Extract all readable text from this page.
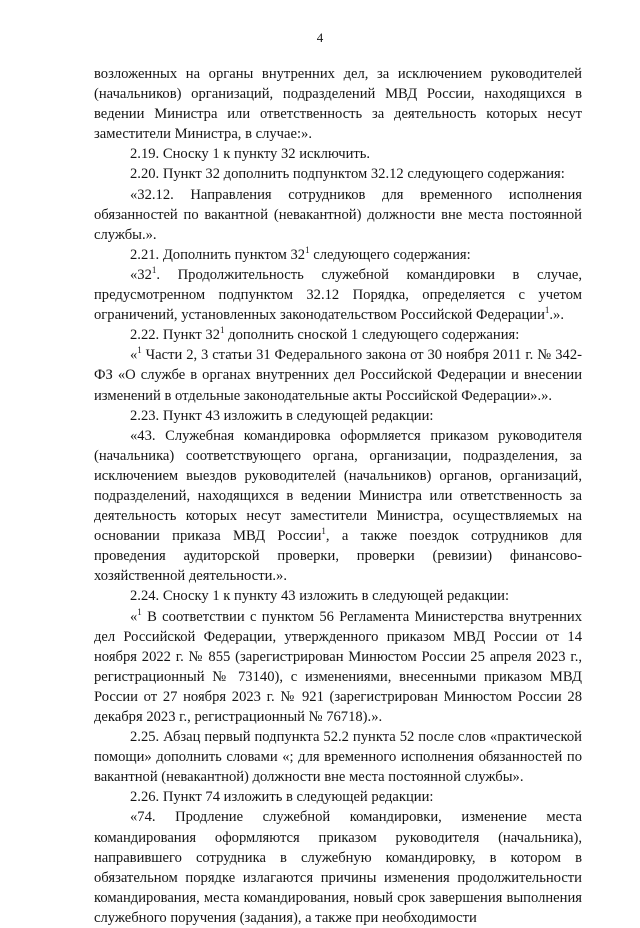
4

возложенных на органы внутренних дел, за исключением руководителей (начальников) организаций, подразделений МВД России, находящихся в ведении Министра или ответственность за деятельность которых несут заместители Министра, в случае:».

2.19. Сноску 1 к пункту 32 исключить.

2.20. Пункт 32 дополнить подпунктом 32.12 следующего содержания:

«32.12. Направления сотрудников для временного исполнения обязанностей по вакантной (невакантной) должности вне места постоянной службы.».

2.21. Дополнить пунктом $32^1$ следующего содержания:

«$32^1$. Продолжительность служебной командировки в случае, предусмотренном подпунктом 32.12 Порядка, определяется с учетом ограничений, установленных законодательством Российской Федерации$^1$.».

2.22. Пункт $32^1$ дополнить сноской 1 следующего содержания:

«$^1$ Части 2, 3 статьи 31 Федерального закона от 30 ноября 2011 г. № 342-ФЗ «О службе в органах внутренних дел Российской Федерации и внесении изменений в отдельные законодательные акты Российской Федерации».».

2.23. Пункт 43 изложить в следующей редакции:

«43. Служебная командировка оформляется приказом руководителя (начальника) соответствующего органа, организации, подразделения, за исключением выездов руководителей (начальников) органов, организаций, подразделений, находящихся в ведении Министра или ответственность за деятельность которых несут заместители Министра, осуществляемых на основании приказа МВД России$^1$, а также поездок сотрудников для проведения аудиторской проверки, проверки (ревизии) финансово-хозяйственной деятельности.».

2.24. Сноску 1 к пункту 43 изложить в следующей редакции:

«$^1$ В соответствии с пунктом 56 Регламента Министерства внутренних дел Российской Федерации, утвержденного приказом МВД России от 14 ноября 2022 г. № 855 (зарегистрирован Минюстом России 25 апреля 2023 г., регистрационный № 73140), с изменениями, внесенными приказом МВД России от 27 ноября 2023 г. № 921 (зарегистрирован Минюстом России 28 декабря 2023 г., регистрационный № 76718).».

2.25. Абзац первый подпункта 52.2 пункта 52 после слов «практической помощи» дополнить словами «; для временного исполнения обязанностей по вакантной (невакантной) должности вне места постоянной службы».

2.26. Пункт 74 изложить в следующей редакции:

«74. Продление служебной командировки, изменение места командирования оформляются приказом руководителя (начальника), направившего сотрудника в служебную командировку, в котором в обязательном порядке излагаются причины изменения продолжительности командирования, места командирования, новый срок завершения выполнения служебного поручения (задания), а также при необходимости
